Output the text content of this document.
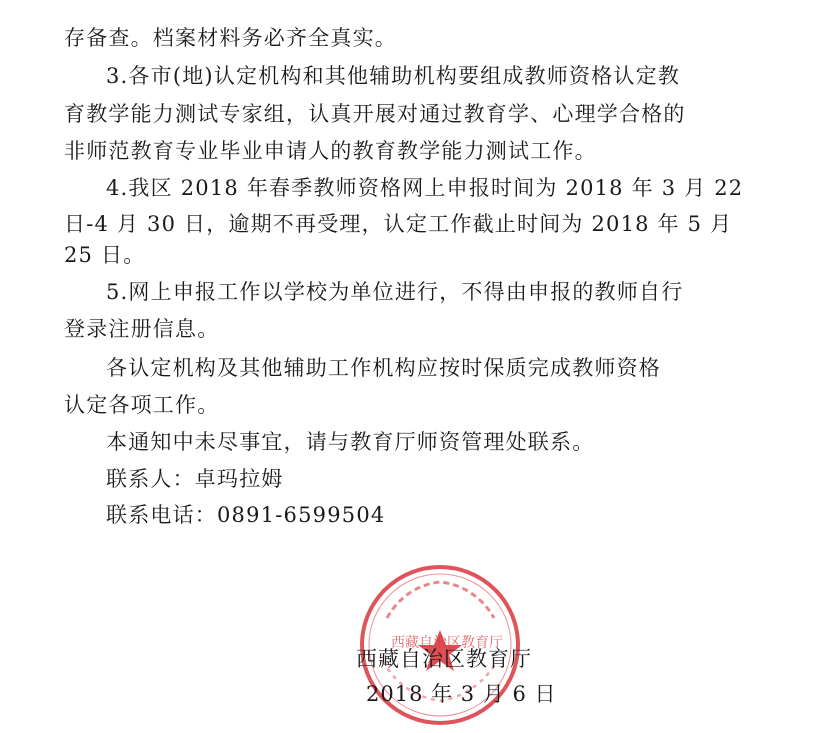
存备查。档案材料务必齐全真实。
3.各市(地)认定机构和其他辅助机构要组成教师资格认定教
育教学能力测试专家组，认真开展对通过教育学、心理学合格的
非师范教育专业毕业申请人的教育教学能力测试工作。
4.我区 2018 年春季教师资格网上申报时间为 2018 年 3 月 22
日-4 月 30 日，逾期不再受理，认定工作截止时间为 2018 年 5 月
25 日。
5.网上申报工作以学校为单位进行，不得由申报的教师自行
登录注册信息。
各认定机构及其他辅助工作机构应按时保质完成教师资格
认定各项工作。
本通知中未尽事宜，请与教育厅师资管理处联系。
联系人：卓玛拉姆
联系电话：0891-6599504
西藏自治区教育厅
西藏自治区教育厅
2018 年 3 月 6 日
